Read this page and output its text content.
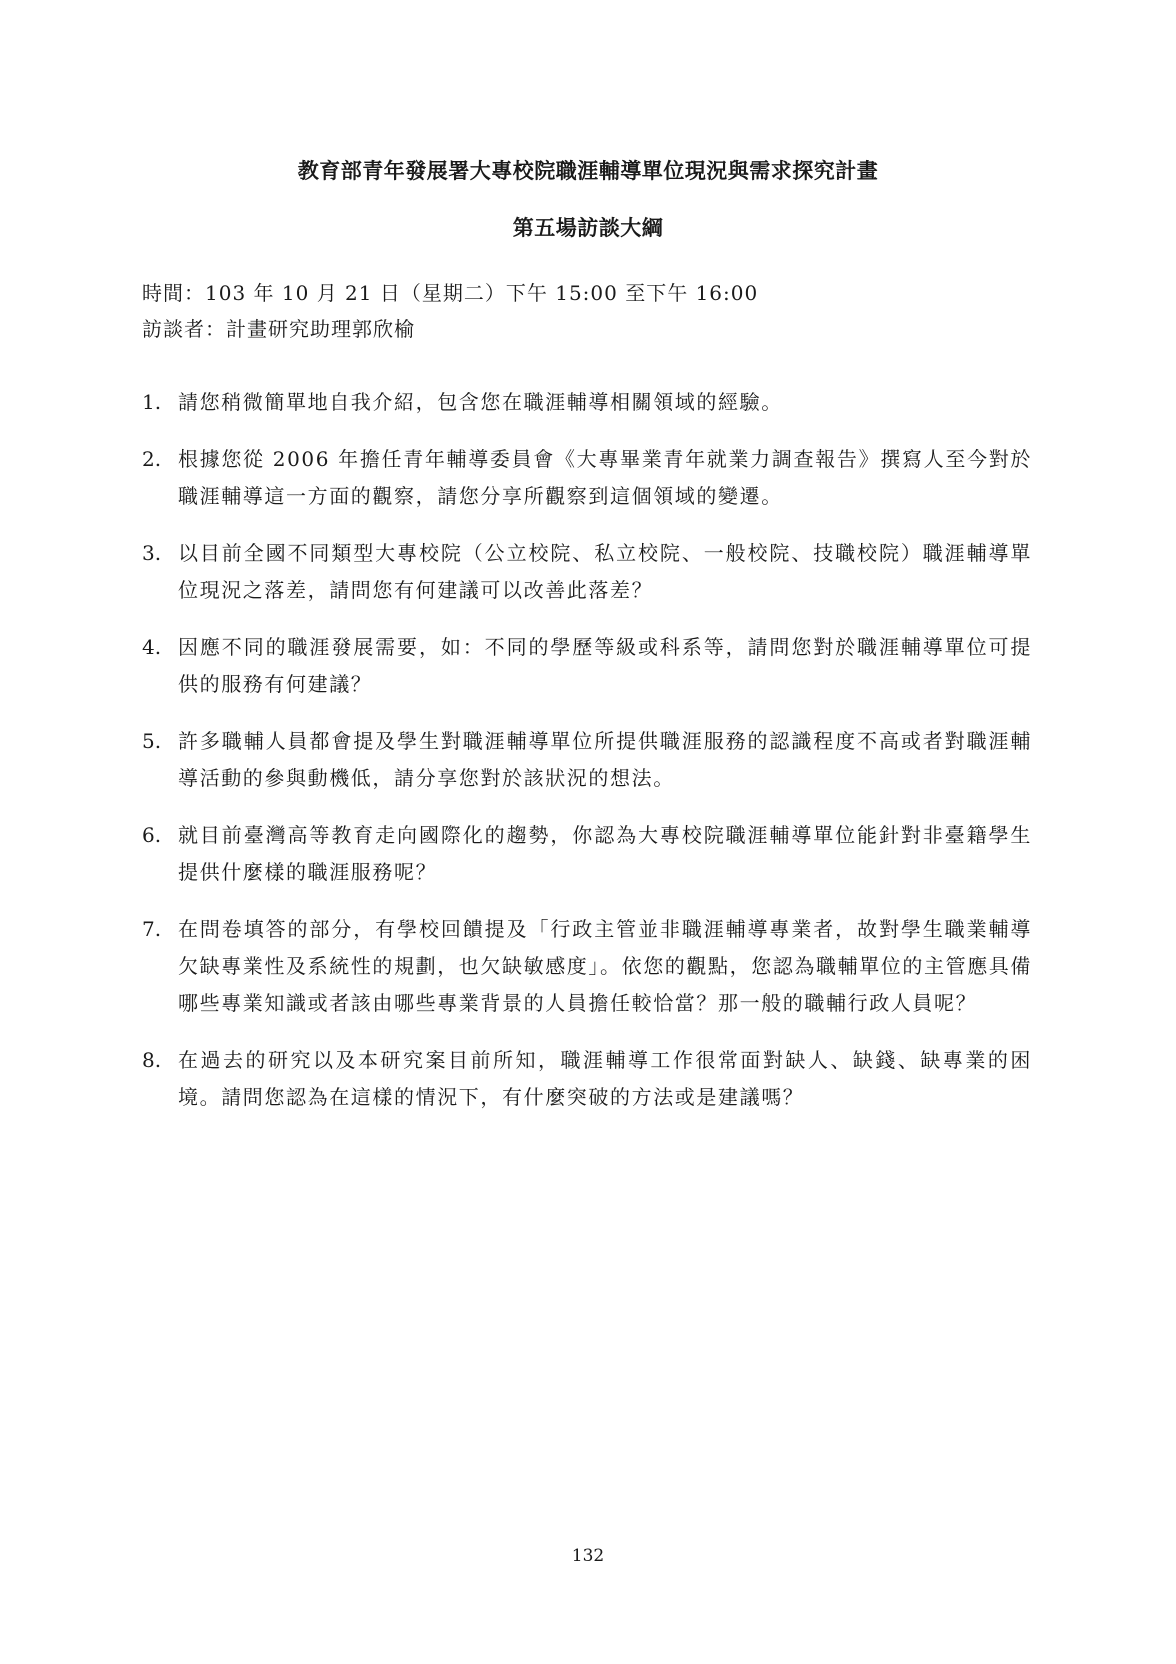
教育部青年發展署大專校院職涯輔導單位現況與需求探究計畫
第五場訪談大綱
時間：103 年 10 月 21 日（星期二）下午 15:00 至下午 16:00
訪談者：計畫研究助理郭欣榆
1. 請您稍微簡單地自我介紹，包含您在職涯輔導相關領域的經驗。
2. 根據您從 2006 年擔任青年輔導委員會《大專畢業青年就業力調查報告》撰寫人至今對於職涯輔導這一方面的觀察，請您分享所觀察到這個領域的變遷。
3. 以目前全國不同類型大專校院（公立校院、私立校院、一般校院、技職校院）職涯輔導單位現況之落差，請問您有何建議可以改善此落差？
4. 因應不同的職涯發展需要，如：不同的學歷等級或科系等，請問您對於職涯輔導單位可提供的服務有何建議？
5. 許多職輔人員都會提及學生對職涯輔導單位所提供職涯服務的認識程度不高或者對職涯輔導活動的參與動機低，請分享您對於該狀況的想法。
6. 就目前臺灣高等教育走向國際化的趨勢，你認為大專校院職涯輔導單位能針對非臺籍學生提供什麼樣的職涯服務呢？
7. 在問卷填答的部分，有學校回饋提及「行政主管並非職涯輔導專業者，故對學生職業輔導欠缺專業性及系統性的規劃，也欠缺敏感度」。依您的觀點，您認為職輔單位的主管應具備哪些專業知識或者該由哪些專業背景的人員擔任較恰當？那一般的職輔行政人員呢？
8. 在過去的研究以及本研究案目前所知，職涯輔導工作很常面對缺人、缺錢、缺專業的困境。請問您認為在這樣的情況下，有什麼突破的方法或是建議嗎？
132
